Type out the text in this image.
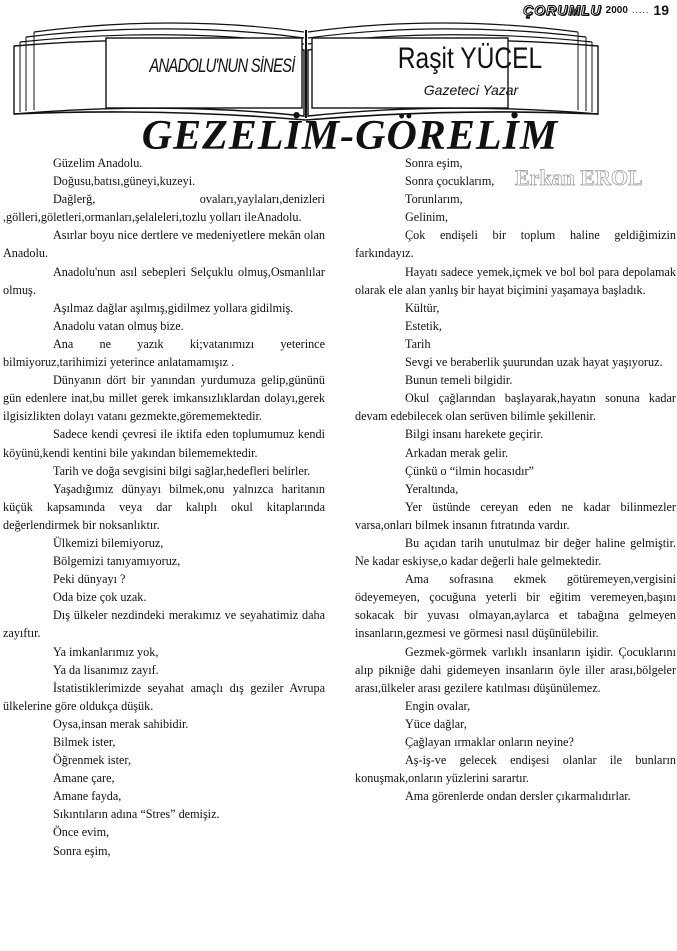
ÇORUMLU 2000 ..... 19
ANADOLU'NUN SİNESİ	Raşit YÜCEL
Gazeteci Yazar
GEZELİM-GÖRELİM
Erkan EROL

Güzelim Anadolu.

Doğusu,batısı,güneyi,kuzeyi.

Dağlerğ, ovaları,yaylaları,denizleri ,gölleri,göletleri,ormanları,şelaleleri,tozlu yolları ileAnadolu.

Asırlar boyu nice dertlere ve medeniyetlere mekân olan Anadolu.

Anadolu'nun asıl sebepleri Selçuklu olmuş,Osmanlılar olmuş.

Aşılmaz dağlar aşılmış,gidilmez yollara gidilmiş.

Anadolu vatan olmuş bize.

Ana ne yazık ki;vatanımızı yeterince bilmiyoruz,tarihimizi yeterince anlatamamışız .

Dünyanın dört bir yanından yurdumuza gelip,gününü gün edenlere inat,bu millet gerek imkansızlıklardan dolayı,gerek ilgisizlikten dolayı vatanı gezmekte,görememektedir.

Sadece kendi çevresi ile iktifa eden toplumumuz kendi köyünü,kendi kentini bile yakından bilememektedir.

Tarih ve doğa sevgisini bilgi sağlar,hedefleri belirler.

Yaşadığımız dünyayı bilmek,onu yalnızca haritanın küçük kapsamında veya dar kalıplı okul kitaplarında değerlendirmek bir noksanlıktır.

Ülkemizi bilemiyoruz,

Bölgemizi tanıyamıyoruz,

Peki dünyayı ?

Oda bize çok uzak.

Dış ülkeler nezdindeki merakımız ve seyahatimiz daha zayıftır.

Ya imkanlarımız yok,

Ya da lisanımız zayıf.

İstatistiklerimizde seyahat amaçlı dış geziler Avrupa ülkelerine göre oldukça düşük.

Oysa,insan merak sahibidir.

Bilmek ister,

Öğrenmek ister,

Amane çare,

Amane fayda,

Sıkıntıların adına “Stres” demişiz.

Önce evim,

Sonra eşim,

Sonra eşim,

Sonra çocuklarım,

Torunlarım,

Gelinim,

Çok endişeli bir toplum haline geldiğimizin farkındayız.

Hayatı sadece yemek,içmek ve bol bol para depolamak olarak ele alan yanlış bir hayat biçimini yaşamaya başladık.

Kültür,

Estetik,

Tarih

Sevgi ve beraberlik şuurundan uzak hayat yaşıyoruz.

Bunun temeli bilgidir.

Okul çağlarından başlayarak,hayatın sonuna kadar devam edebilecek olan serüven bilimle şekillenir.

Bilgi insanı harekete geçirir.

Arkadan merak gelir.

Çünkü o “ilmin hocasıdır”

Yeraltında,

Yer üstünde cereyan eden ne kadar bilinmezler varsa,onları bilmek insanın fıtratında vardır.

Bu açıdan tarih unutulmaz bir değer haline gelmiştir. Ne kadar eskiyse,o kadar değerli hale gelmektedir.

Ama sofrasına ekmek götüremeyen,vergisini ödeyemeyen, çocuğuna yeterli bir eğitim veremeyen,başını sokacak bir yuvası olmayan,aylarca et tabağına gelmeyen insanların,gezmesi ve görmesi nasıl düşünülebilir.

Gezmek-görmek varlıklı insanların işidir. Çocuklarını alıp pikniğe dahi gidemeyen insanların öyle iller arası,bölgeler arası,ülkeler arası gezilere katılması düşünülemez.

Engin ovalar,

Yüce dağlar,

Çağlayan ırmaklar onların neyine?

Aş-iş-ve gelecek endişesi olanlar ile bunların konuşmak,onların yüzlerini sarartır.

Ama görenlerde ondan dersler çıkarmalıdırlar.
